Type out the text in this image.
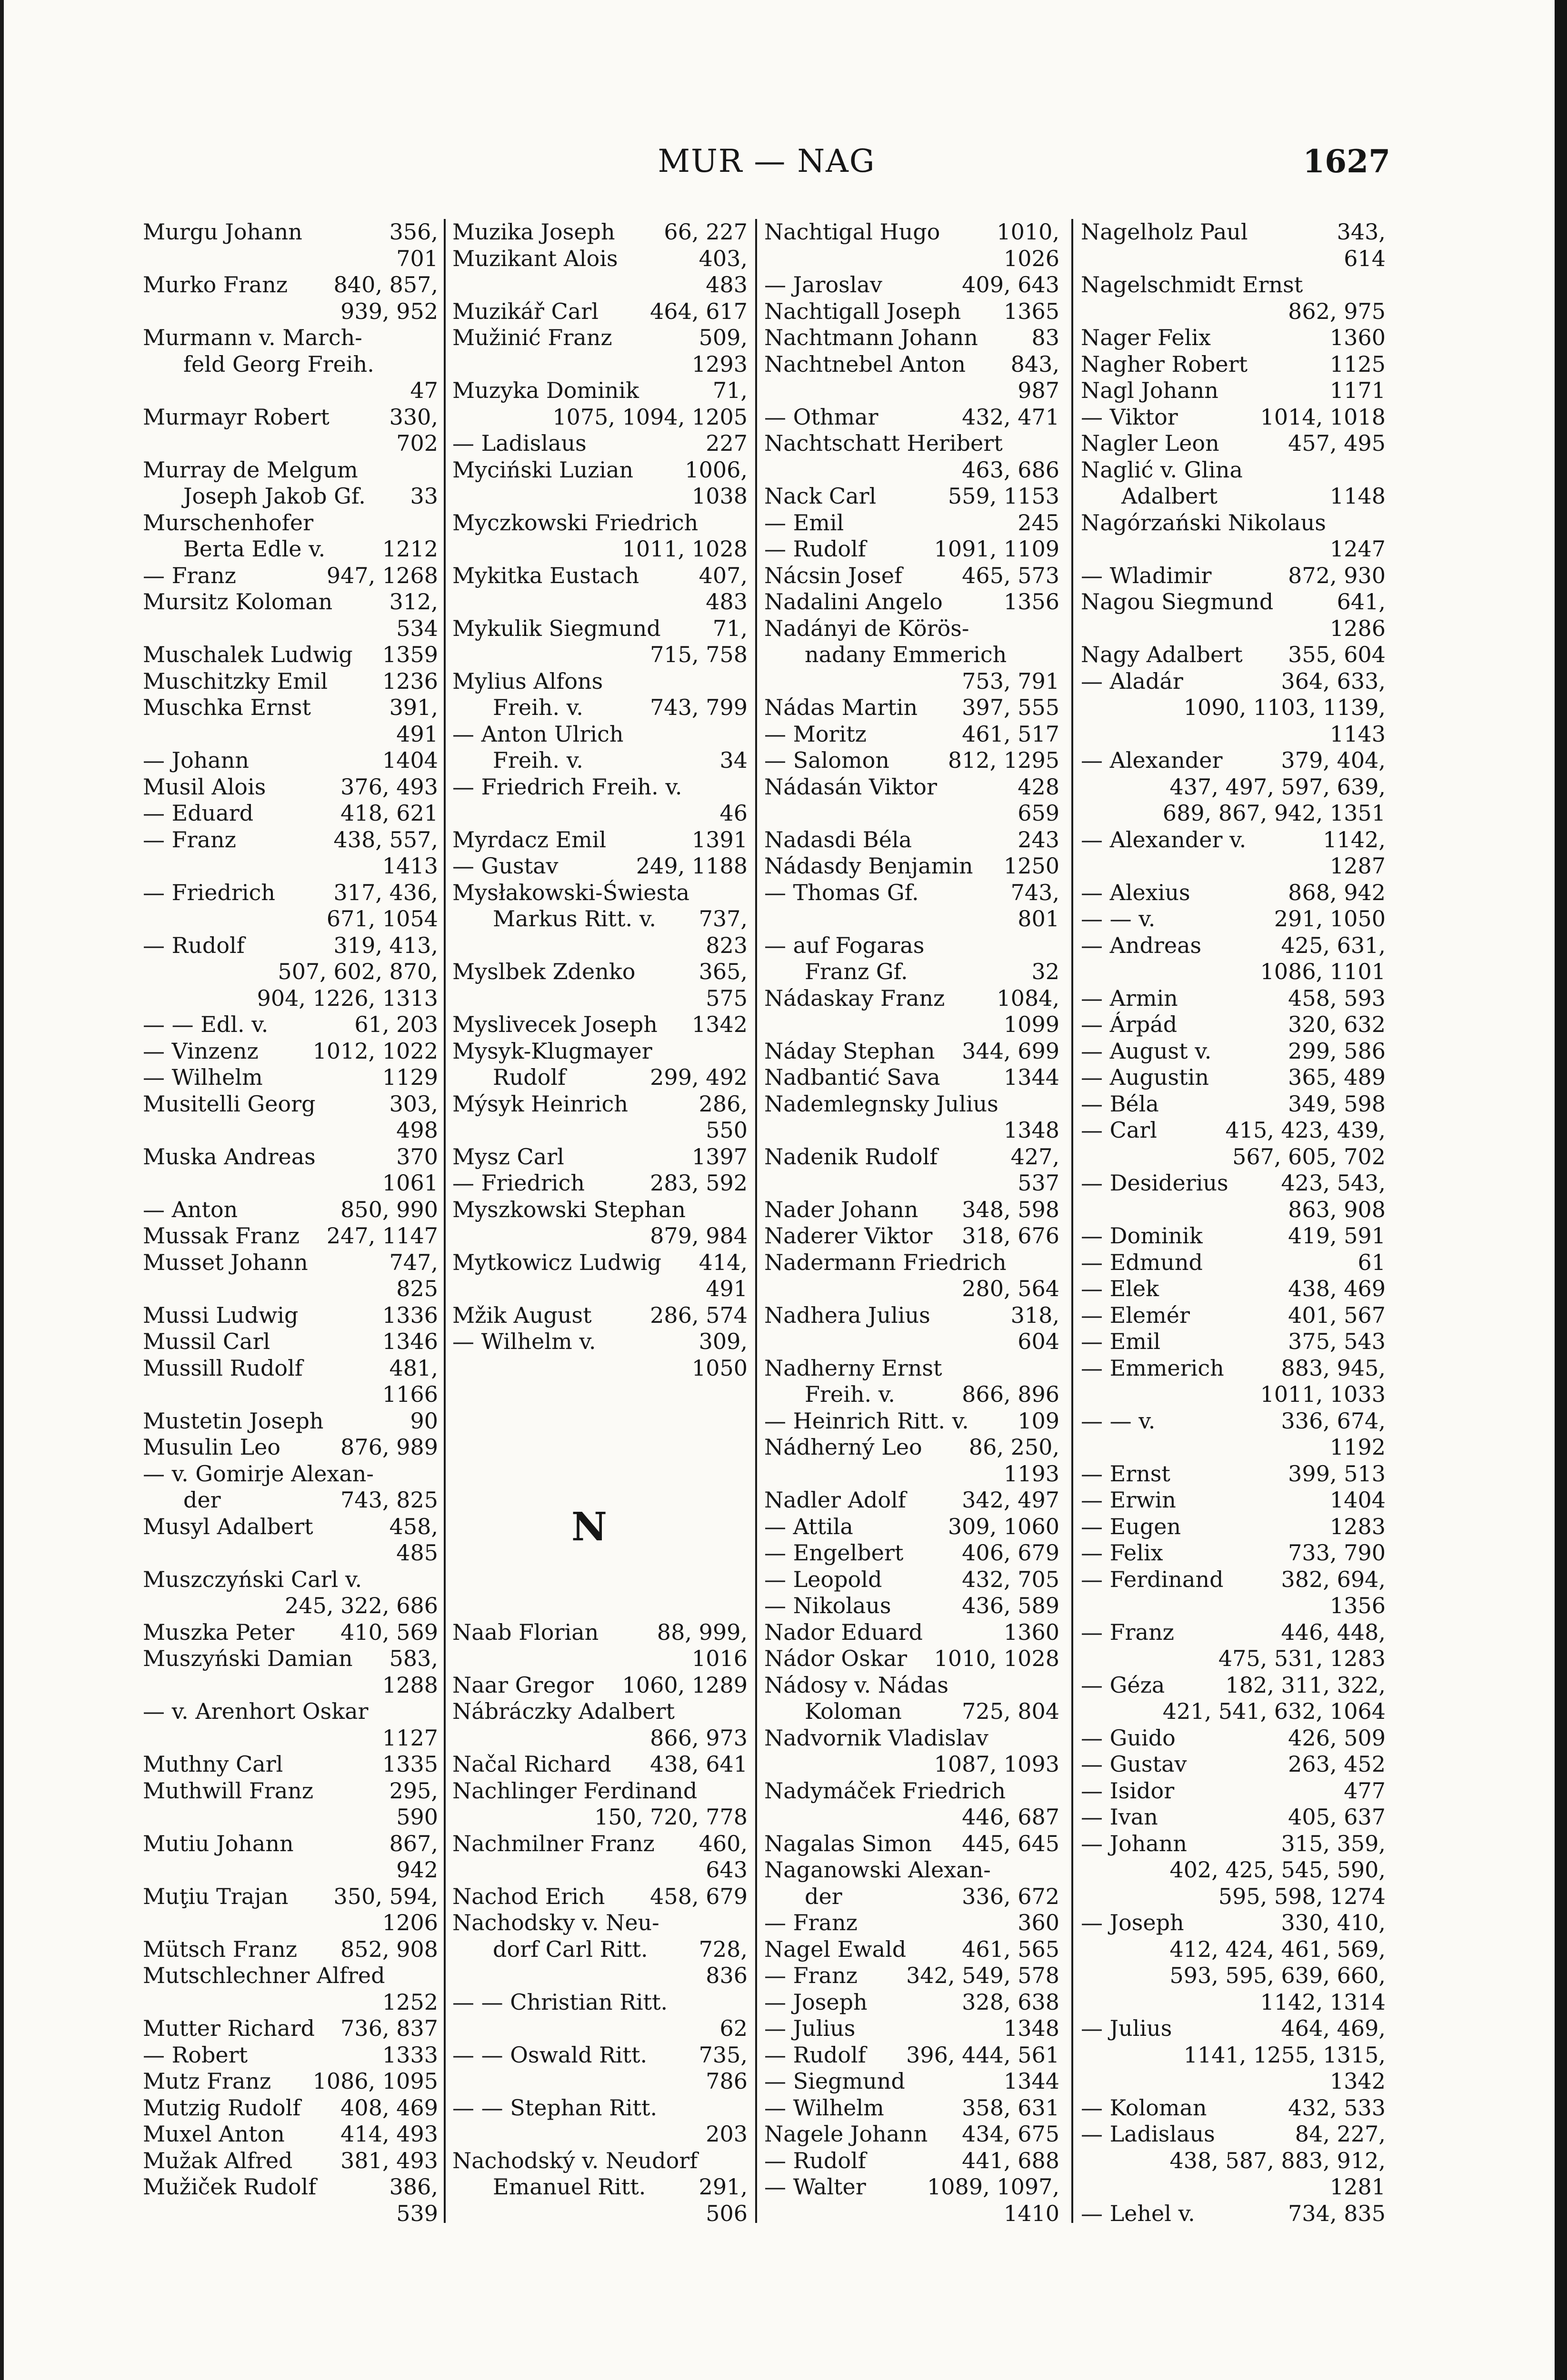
MUR — NAG	1627
Murgu Johann	356,
701
Murko Franz 840, 857,
939, 952
Murmann v. March-
feld Georg Freih.
47
Murmayr Robert	330,
702
Murray de Melgum
Joseph Jakob Gf. 33
Murschenhofer
Berta Edle v.	1212
— Franz	947, 1268
Mursitz Koloman	312,
534
Muschalek Ludwig 1359
Muschitzky Emil 1236
Muschka Ernst	391,
491
— Johann	1404
Musil Alois	376, 493
— Eduard	418, 621
— Franz	438, 557,
1413
— Friedrich	317, 436,
671, 1054
— Rudolf	319, 413,
507, 602, 870,
904, 1226, 1313
— — Edl. v.	61, 203
— Vinzenz 1012, 1022
— Wilhelm	1129
Musitelli Georg	303,
498
Muska Andreas	370
1061
— Anton	850, 990
Mussak Franz 247, 1147
Musset Johann	747,
825
Mussi Ludwig	1336
Mussil Carl	1346
Mussill Rudolf	481,
1166
Mustetin Joseph	90
Musulin Leo	876, 989
— v. Gomirje Alexan-
der	743, 825
Musyl Adalbert	458,
485
Muszczyński Carl v.
245, 322, 686
Muszka Peter 410, 569
Muszyński Damian 583,
1288
— v. Arenhort Oskar
1127
Muthny Carl	1335
Muthwill Franz	295,
590
Mutiu Johann	867,
942
Muţiu Trajan 350, 594,
1206
Mütsch Franz 852, 908
Mutschlechner Alfred
1252
Mutter Richard 736, 837
— Robert	1333
Mutz Franz 1086, 1095
Mutzig Rudolf 408, 469
Muxel Anton	414, 493
Mužak Alfred 381, 493
Mužiček Rudolf	386,
539
Muzika Joseph 66, 227
Muzikant Alois	403,
483
Muzikář Carl 464, 617
Mužinić Franz	509,
1293
Muzyka Dominik	71,
1075, 1094, 1205
— Ladislaus	227
Myciński Luzian 1006,
1038
Myczkowski Friedrich
1011, 1028
Mykitka Eustach	407,
483
Mykulik Siegmund 71,
715, 758
Mylius Alfons
Freih. v.	743, 799
— Anton Ulrich
Freih. v.	34
— Friedrich Freih. v.
46
Myrdacz Emil	1391
— Gustav	249, 1188
Mysłakowski-Świesta
Markus Ritt. v. 737,
823
Myslbek Zdenko	365,
575
Myslivecek Joseph 1342
Mysyk-Klugmayer
Rudolf	299, 492
Mýsyk Heinrich	286,
550
Mysz Carl	1397
— Friedrich	283, 592
Myszkowski Stephan
879, 984
Mytkowicz Ludwig 414,
491
Mžik August	286, 574
— Wilhelm v.	309,
1050
Naab Florian	88, 999,
1016
Naar Gregor 1060, 1289
Nábráczky Adalbert
866, 973
Načal Richard 438, 641
Nachlinger Ferdinand
150, 720, 778
Nachmilner Franz 460,
643
Nachod Erich 458, 679
Nachodsky v. Neu-
dorf Carl Ritt. 728,
836
— — Christian Ritt.
62
— — Oswald Ritt. 735,
786
— — Stephan Ritt.
203
Nachodský v. Neudorf
Emanuel Ritt. 291,
506
Nachtigal Hugo	1010,
1026
— Jaroslav	409, 643
Nachtigall Joseph 1365
Nachtmann Johann 83
Nachtnebel Anton 843,
987
— Othmar	432, 471
Nachtschatt Heribert
463, 686
Nack Carl	559, 1153
— Emil	245
— Rudolf	1091, 1109
Nácsin Josef	465, 573
Nadalini Angelo	1356
Nadányi de Körös-
nadany Emmerich
753, 791
Nádas Martin 397, 555
— Moritz	461, 517
— Salomon	812, 1295
Nádasán Viktor	428
659
Nadasdi Béla	243
Nádasdy Benjamin 1250
— Thomas Gf.	743,
801
— auf Fogaras
Franz Gf.	32
Nádaskay Franz 1084,
1099
Náday Stephan 344, 699
Nadbantić Sava	1344
Nademlegnsky Julius
1348
Nadenik Rudolf	427,
537
Nader Johann 348, 598
Naderer Viktor 318, 676
Nadermann Friedrich
280, 564
Nadhera Julius	318,
604
Nadherny Ernst
Freih. v.	866, 896
— Heinrich Ritt. v. 109
Nádherný Leo 86, 250,
1193
Nadler Adolf	342, 497
— Attila	309, 1060
— Engelbert	406, 679
— Leopold	432, 705
— Nikolaus	436, 589
Nador Eduard	1360
Nádor Oskar 1010, 1028
Nádosy v. Nádas
Koloman	725, 804
Nadvornik Vladislav
1087, 1093
Nadymáček Friedrich
446, 687
Nagalas Simon 445, 645
Naganowski Alexan-
der	336, 672
— Franz	360
Nagel Ewald	461, 565
— Franz 342, 549, 578
— Joseph	328, 638
— Julius	1348
— Rudolf 396, 444, 561
— Siegmund	1344
— Wilhelm	358, 631
Nagele Johann 434, 675
— Rudolf	441, 688
— Walter	1089, 1097,
1410
Nagelholz Paul	343,
614
Nagelschmidt Ernst
862, 975
Nager Felix	1360
Nagher Robert	1125
Nagl Johann	1171
— Viktor	1014, 1018
Nagler Leon	457, 495
Naglić v. Glina
Adalbert	1148
Nagórzański Nikolaus
1247
— Wladimir	872, 930
Nagou Siegmund	641,
1286
Nagy Adalbert 355, 604
— Aladár	364, 633,
1090, 1103, 1139,
1143
— Alexander	379, 404,
437, 497, 597, 639,
689, 867, 942, 1351
— Alexander v.	1142,
1287
— Alexius	868, 942
— — v.	291, 1050
— Andreas	425, 631,
1086, 1101
— Armin	458, 593
— Árpád	320, 632
— August v.	299, 586
— Augustin	365, 489
— Béla	349, 598
— Carl	415, 423, 439,
567, 605, 702
— Desiderius 423, 543,
863, 908
— Dominik	419, 591
— Edmund	61
— Elek	438, 469
— Elemér	401, 567
— Emil	375, 543
— Emmerich	883, 945,
1011, 1033
— — v.	336, 674,
1192
— Ernst	399, 513
— Erwin	1404
— Eugen	1283
— Felix	733, 790
— Ferdinand	382, 694,
1356
— Franz	446, 448,
475, 531, 1283
— Géza	182, 311, 322,
421, 541, 632, 1064
— Guido	426, 509
— Gustav	263, 452
— Isidor	477
— Ivan	405, 637
— Johann	315, 359,
402, 425, 545, 590,
595, 598, 1274
— Joseph	330, 410,
412, 424, 461, 569,
593, 595, 639, 660,
1142, 1314
— Julius	464, 469,
1141, 1255, 1315,
1342
— Koloman	432, 533
— Ladislaus	84, 227,
438, 587, 883, 912,
1281
— Lehel v.	734, 835
N
